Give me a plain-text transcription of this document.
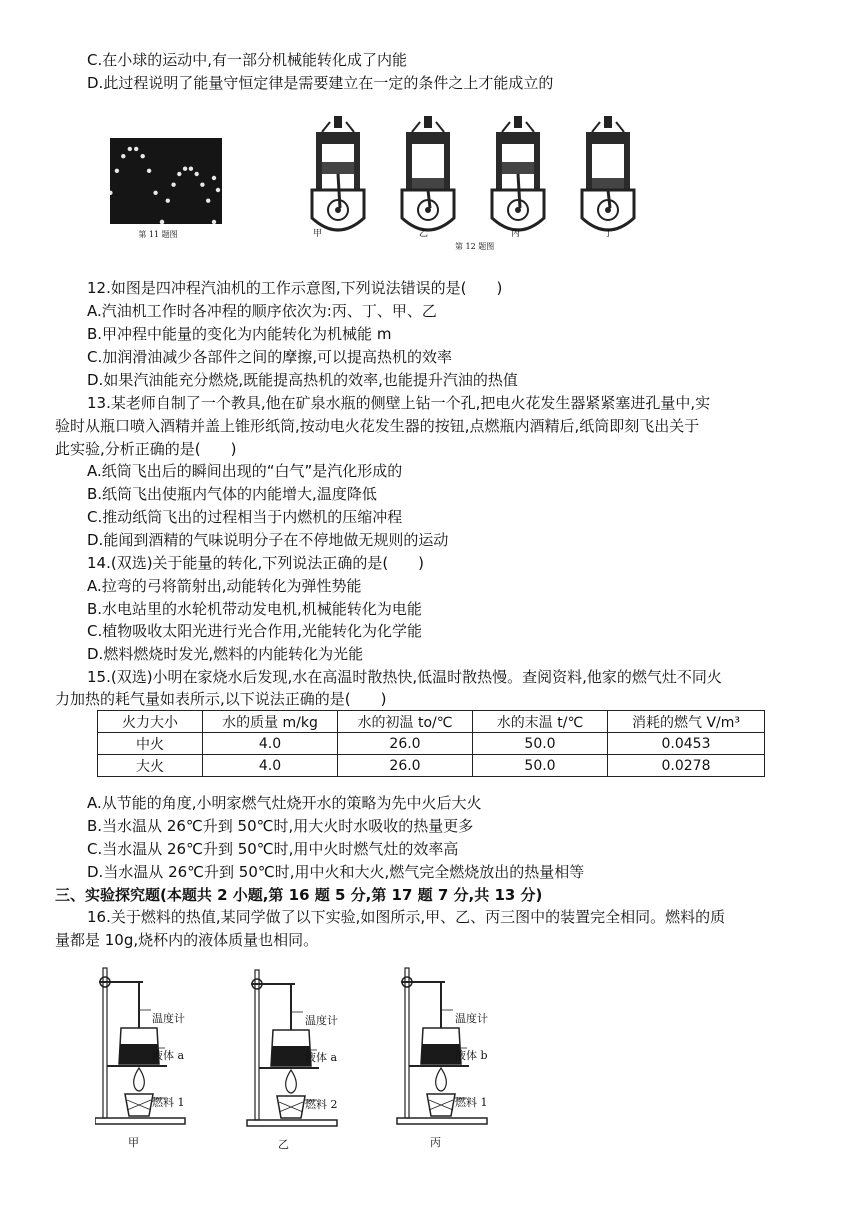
C.在小球的运动中,有一部分机械能转化成了内能
D.此过程说明了能量守恒定律是需要建立在一定的条件之上才能成立的
第 11 题图
第 12 题图
甲	乙	丙	丁
12.如图是四冲程汽油机的工作示意图,下列说法错误的是(　　)
A.汽油机工作时各冲程的顺序依次为:丙、丁、甲、乙
B.甲冲程中能量的变化为内能转化为机械能 m
C.加润滑油减少各部件之间的摩擦,可以提高热机的效率
D.如果汽油能充分燃烧,既能提高热机的效率,也能提升汽油的热值
13.某老师自制了一个教具,他在矿泉水瓶的侧壁上钻一个孔,把电火花发生器紧紧塞进孔量中,实
验时从瓶口喷入酒精并盖上锥形纸筒,按动电火花发生器的按钮,点燃瓶内酒精后,纸筒即刻飞出关于
此实验,分析正确的是(　　)
A.纸筒飞出后的瞬间出现的“白气”是汽化形成的
B.纸筒飞出使瓶内气体的内能增大,温度降低
C.推动纸筒飞出的过程相当于内燃机的压缩冲程
D.能闻到酒精的气味说明分子在不停地做无规则的运动
14.(双选)关于能量的转化,下列说法正确的是(　　)
A.拉弯的弓将箭射出,动能转化为弹性势能
B.水电站里的水轮机带动发电机,机械能转化为电能
C.植物吸收太阳光进行光合作用,光能转化为化学能
D.燃料燃烧时发光,燃料的内能转化为光能
15.(双选)小明在家烧水后发现,水在高温时散热快,低温时散热慢。查阅资料,他家的燃气灶不同火
力加热的耗气量如表所示,以下说法正确的是(　　)
火力大小	水的质量 m/kg	水的初温 to/℃	水的末温 t/℃	消耗的燃气 V/m³
中火	4.0	26.0	50.0	0.0453
大火	4.0	26.0	50.0	0.0278
A.从节能的角度,小明家燃气灶烧开水的策略为先中火后大火
B.当水温从 26℃升到 50℃时,用大火时水吸收的热量更多
C.当水温从 26℃升到 50℃时,用中火时燃气灶的效率高
D.当水温从 26℃升到 50℃时,用中火和大火,燃气完全燃烧放出的热量相等
三、实验探究题(本题共 2 小题,第 16 题 5 分,第 17 题 7 分,共 13 分)
16.关于燃料的热值,某同学做了以下实验,如图所示,甲、乙、丙三图中的装置完全相同。燃料的质
量都是 10g,烧杯内的液体质量也相同。
温度计
液体 a
燃料 1
甲
温度计
液体 a
燃料 2
乙
温度计
液体 b
燃料 1
丙
